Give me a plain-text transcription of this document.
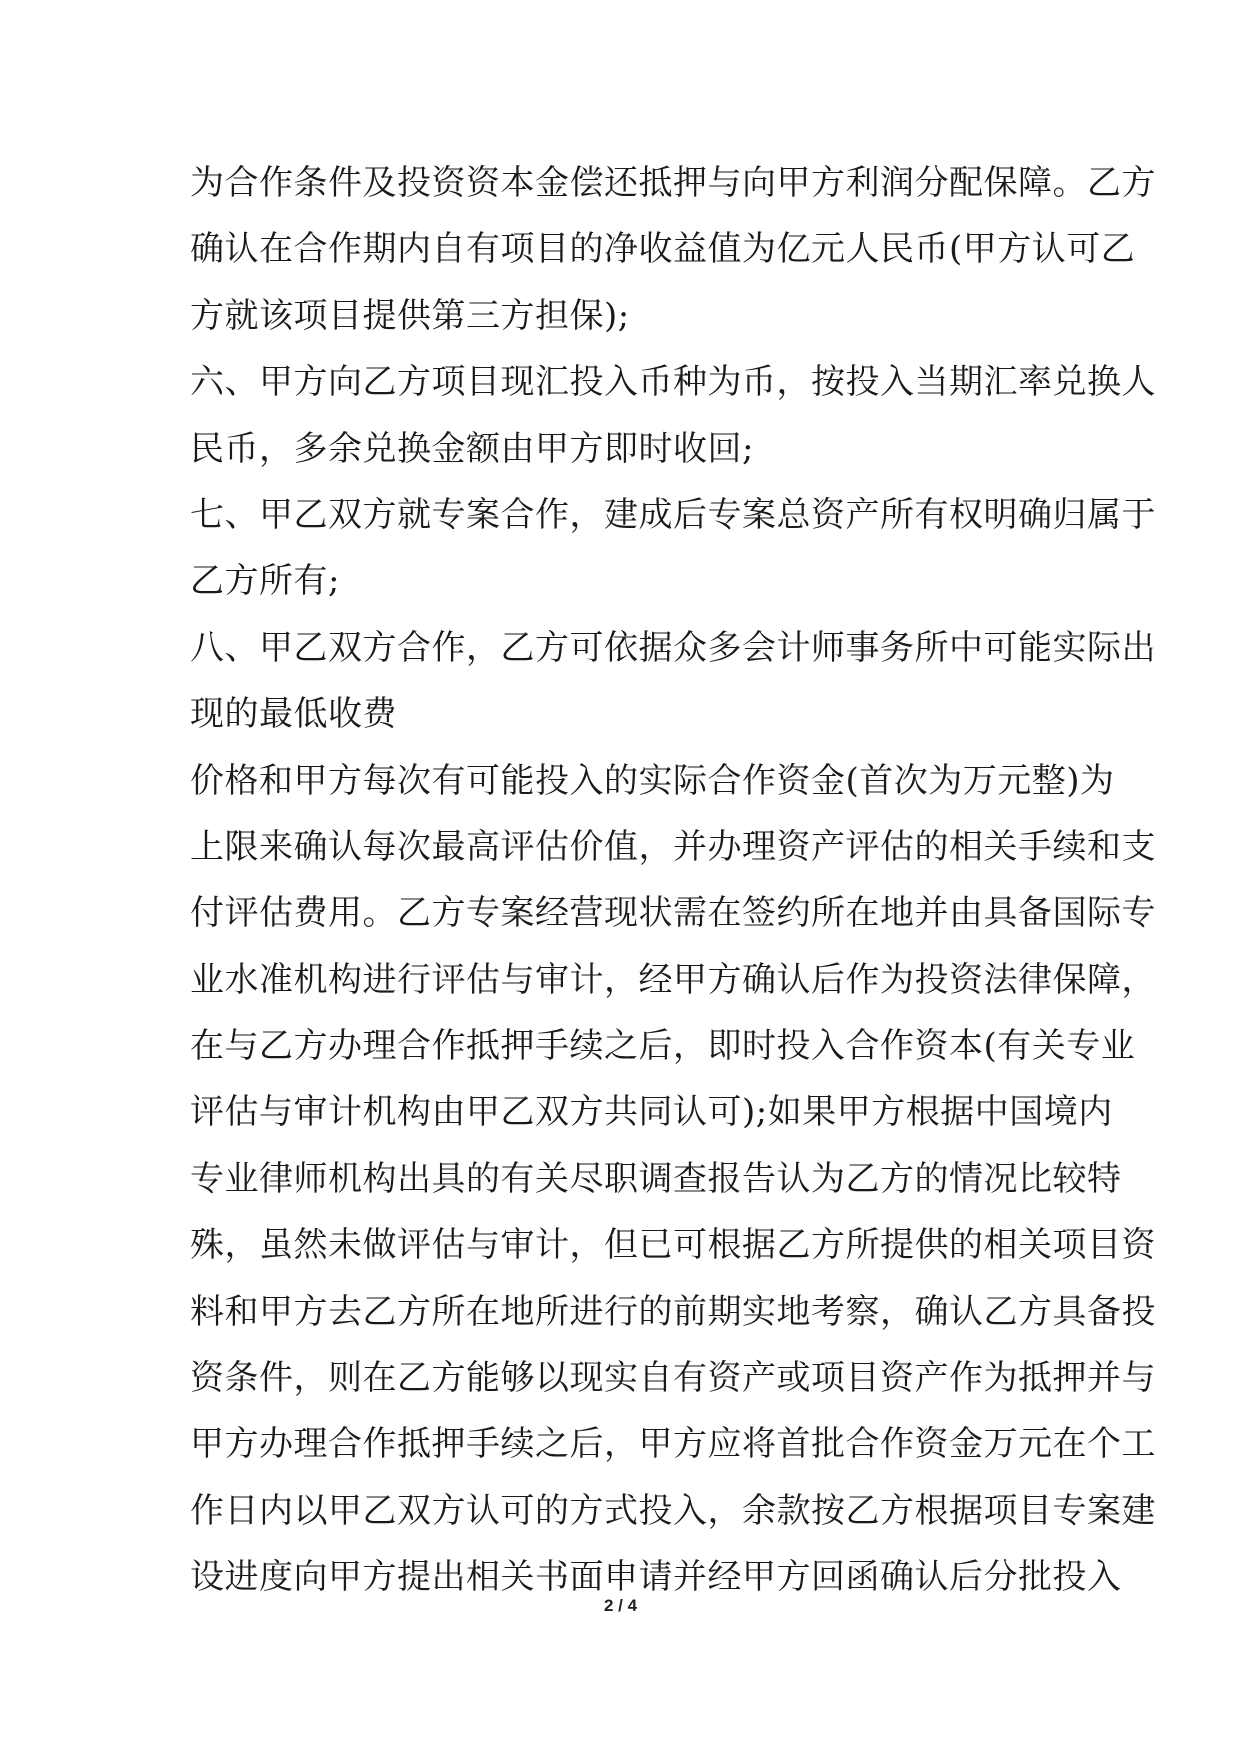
为合作条件及投资资本金偿还抵押与向甲方利润分配保障。乙方
确认在合作期内自有项目的净收益值为亿元人民币(甲方认可乙
方就该项目提供第三方担保);
六、甲方向乙方项目现汇投入币种为币，按投入当期汇率兑换人
民币，多余兑换金额由甲方即时收回;
七、甲乙双方就专案合作，建成后专案总资产所有权明确归属于
乙方所有;
八、甲乙双方合作，乙方可依据众多会计师事务所中可能实际出
现的最低收费
价格和甲方每次有可能投入的实际合作资金(首次为万元整)为
上限来确认每次最高评估价值，并办理资产评估的相关手续和支
付评估费用。乙方专案经营现状需在签约所在地并由具备国际专
业水准机构进行评估与审计，经甲方确认后作为投资法律保障，
在与乙方办理合作抵押手续之后，即时投入合作资本(有关专业
评估与审计机构由甲乙双方共同认可);如果甲方根据中国境内
专业律师机构出具的有关尽职调查报告认为乙方的情况比较特
殊，虽然未做评估与审计，但已可根据乙方所提供的相关项目资
料和甲方去乙方所在地所进行的前期实地考察，确认乙方具备投
资条件，则在乙方能够以现实自有资产或项目资产作为抵押并与
甲方办理合作抵押手续之后，甲方应将首批合作资金万元在个工
作日内以甲乙双方认可的方式投入，余款按乙方根据项目专案建
设进度向甲方提出相关书面申请并经甲方回函确认后分批投入
2 / 4
